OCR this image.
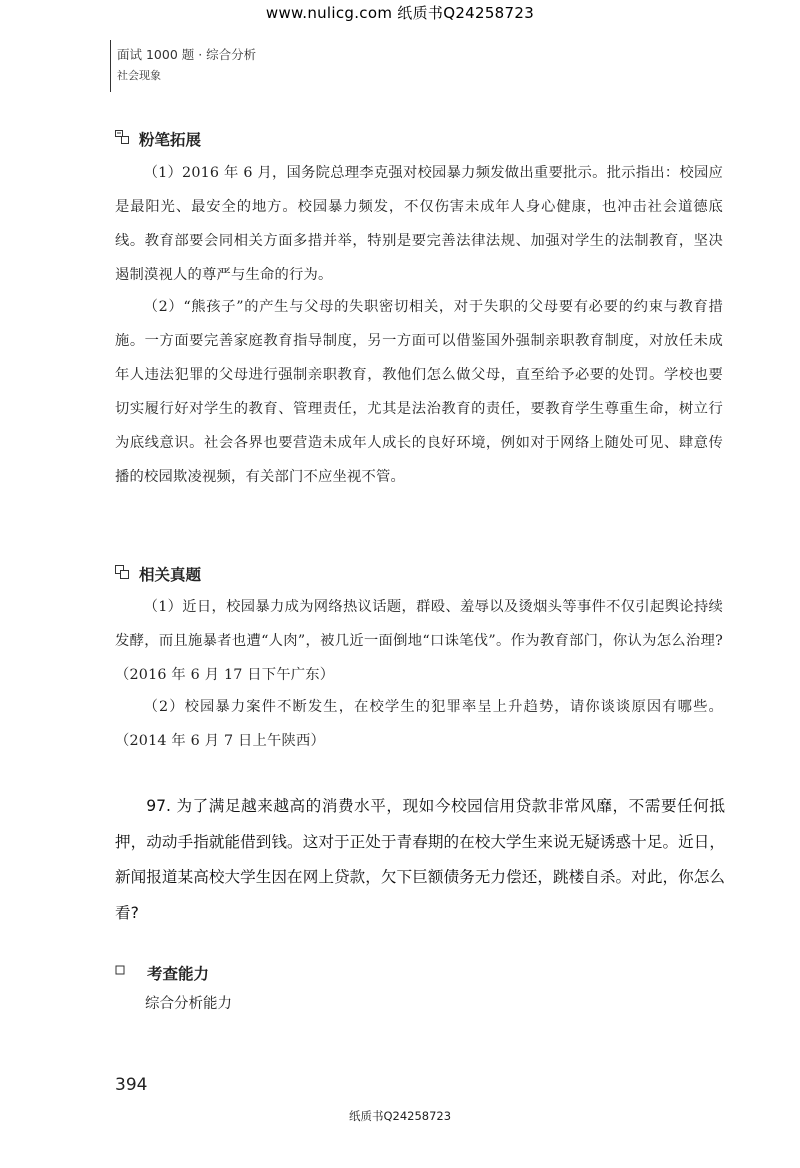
www.nulicg.com 纸质书Q24258723
面试 1000 题 · 综合分析
社会现象
粉笔拓展
（1）2016 年 6 月，国务院总理李克强对校园暴力频发做出重要批示。批示指出：校园应是最阳光、最安全的地方。校园暴力频发，不仅伤害未成年人身心健康，也冲击社会道德底线。教育部要会同相关方面多措并举，特别是要完善法律法规、加强对学生的法制教育，坚决遏制漠视人的尊严与生命的行为。
（2）“熊孩子”的产生与父母的失职密切相关，对于失职的父母要有必要的约束与教育措施。一方面要完善家庭教育指导制度，另一方面可以借鉴国外强制亲职教育制度，对放任未成年人违法犯罪的父母进行强制亲职教育，教他们怎么做父母，直至给予必要的处罚。学校也要切实履行好对学生的教育、管理责任，尤其是法治教育的责任，要教育学生尊重生命，树立行为底线意识。社会各界也要营造未成年人成长的良好环境，例如对于网络上随处可见、肆意传播的校园欺凌视频，有关部门不应坐视不管。
相关真题
（1）近日，校园暴力成为网络热议话题，群殴、羞辱以及烫烟头等事件不仅引起舆论持续发酵，而且施暴者也遭“人肉”，被几近一面倒地“口诛笔伐”。作为教育部门，你认为怎么治理?（2016 年 6 月 17 日下午广东）
（2）校园暴力案件不断发生，在校学生的犯罪率呈上升趋势，请你谈谈原因有哪些。（2014 年 6 月 7 日上午陕西）
97. 为了满足越来越高的消费水平，现如今校园信用贷款非常风靡，不需要任何抵押，动动手指就能借到钱。这对于正处于青春期的在校大学生来说无疑诱惑十足。近日，新闻报道某高校大学生因在网上贷款，欠下巨额债务无力偿还，跳楼自杀。对此，你怎么看?
考查能力
综合分析能力
394
纸质书Q24258723
